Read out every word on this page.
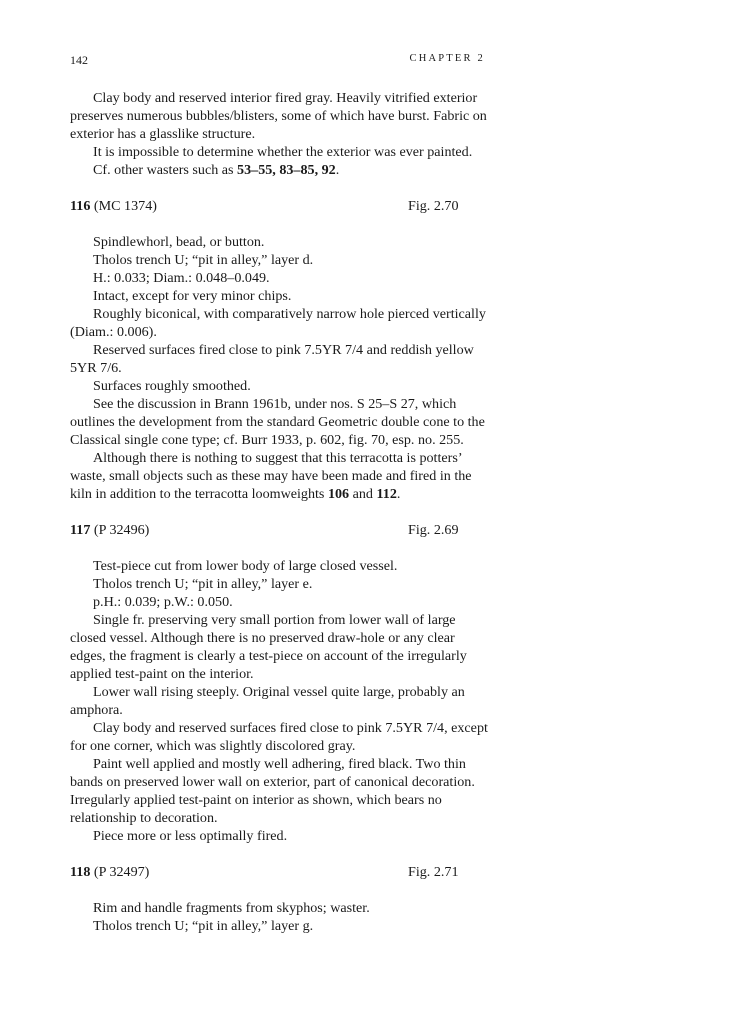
142	CHAPTER 2

Clay body and reserved interior fired gray. Heavily vitrified exterior preserves numerous bubbles/blisters, some of which have burst. Fabric on exterior has a glasslike structure.

It is impossible to determine whether the exterior was ever painted.

Cf. other wasters such as 53–55, 83–85, 92.

116 (MC 1374)	Fig. 2.70

Spindlewhorl, bead, or button.

Tholos trench U; “pit in alley,” layer d.

H.: 0.033; Diam.: 0.048–0.049.

Intact, except for very minor chips.

Roughly biconical, with comparatively narrow hole pierced vertically (Diam.: 0.006).

Reserved surfaces fired close to pink 7.5YR 7/4 and reddish yellow 5YR 7/6.

Surfaces roughly smoothed.

See the discussion in Brann 1961b, under nos. S 25–S 27, which outlines the development from the standard Geometric double cone to the Classical single cone type; cf. Burr 1933, p. 602, fig. 70, esp. no. 255.

Although there is nothing to suggest that this terracotta is potters’ waste, small objects such as these may have been made and fired in the kiln in addition to the terracotta loomweights 106 and 112.

117 (P 32496)	Fig. 2.69

Test-piece cut from lower body of large closed vessel.

Tholos trench U; “pit in alley,” layer e.

p.H.: 0.039; p.W.: 0.050.

Single fr. preserving very small portion from lower wall of large closed vessel. Although there is no preserved draw-hole or any clear edges, the fragment is clearly a test-piece on account of the irregularly applied test-paint on the interior.

Lower wall rising steeply. Original vessel quite large, probably an amphora.

Clay body and reserved surfaces fired close to pink 7.5YR 7/4, except for one corner, which was slightly discolored gray.

Paint well applied and mostly well adhering, fired black. Two thin bands on preserved lower wall on exterior, part of canonical decoration. Irregularly applied test-paint on interior as shown, which bears no relationship to decoration.

Piece more or less optimally fired.

118 (P 32497)	Fig. 2.71

Rim and handle fragments from skyphos; waster.

Tholos trench U; “pit in alley,” layer g.
